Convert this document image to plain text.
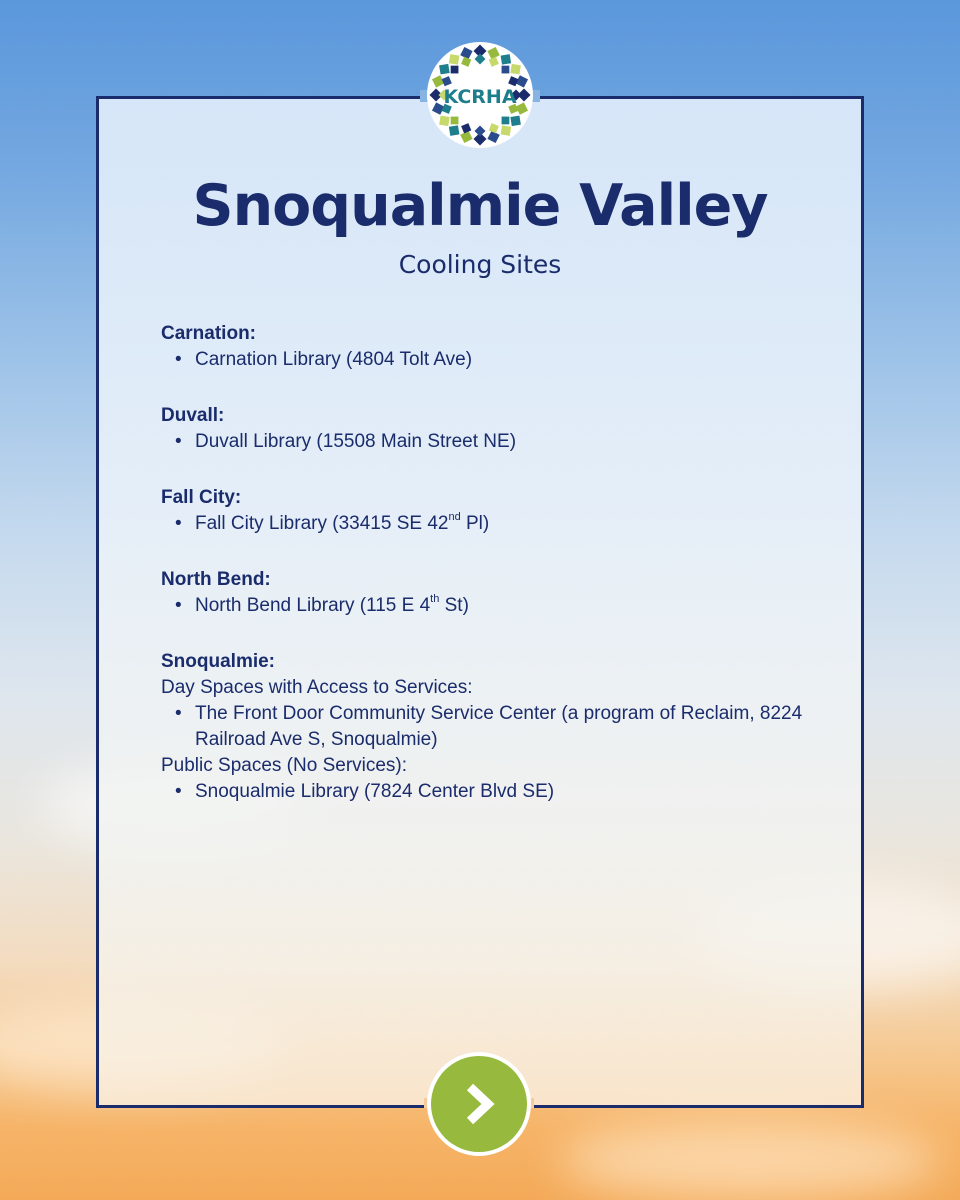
KCRHA
Snoqualmie Valley
Cooling Sites
Carnation:
• Carnation Library (4804 Tolt Ave)
Duvall:
• Duvall Library (15508 Main Street NE)
Fall City:
• Fall City Library (33415 SE 42nd Pl)
North Bend:
• North Bend Library (115 E 4th St)
Snoqualmie:
Day Spaces with Access to Services:
• The Front Door Community Service Center (a program of Reclaim, 8224 Railroad Ave S, Snoqualmie)
Public Spaces (No Services):
• Snoqualmie Library (7824 Center Blvd SE)
